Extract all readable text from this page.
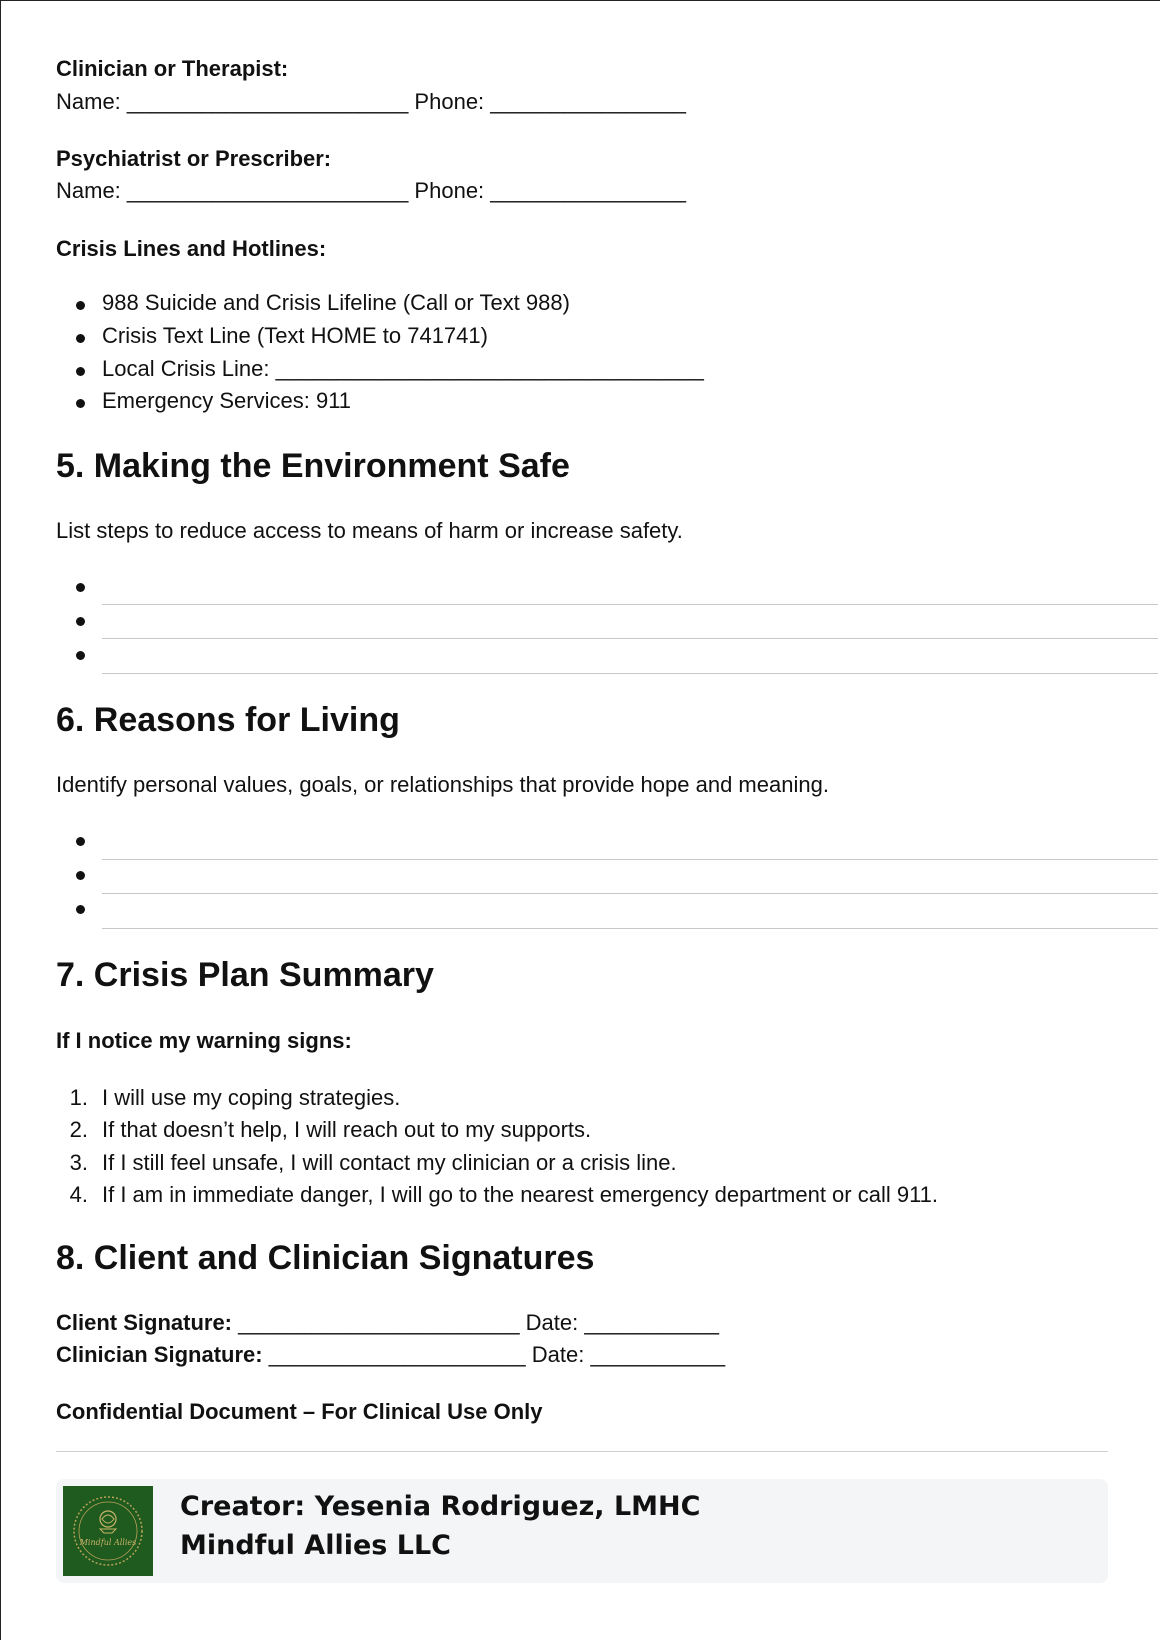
Clinician or Therapist:
Name: _______________________ Phone: ________________
Psychiatrist or Prescriber:
Name: _______________________ Phone: ________________
Crisis Lines and Hotlines:
988 Suicide and Crisis Lifeline (Call or Text 988)
Crisis Text Line (Text HOME to 741741)
Local Crisis Line: ___________________________________
Emergency Services: 911
5. Making the Environment Safe
List steps to reduce access to means of harm or increase safety.
6. Reasons for Living
Identify personal values, goals, or relationships that provide hope and meaning.
7. Crisis Plan Summary
If I notice my warning signs:
1. I will use my coping strategies.
2. If that doesn’t help, I will reach out to my supports.
3. If I still feel unsafe, I will contact my clinician or a crisis line.
4. If I am in immediate danger, I will go to the nearest emergency department or call 911.
8. Client and Clinician Signatures
Client Signature: _______________________ Date: ___________
Clinician Signature: _____________________ Date: ___________
Confidential Document – For Clinical Use Only
Mindful Allies
Creator: Yesenia Rodriguez, LMHC
Mindful Allies LLC
